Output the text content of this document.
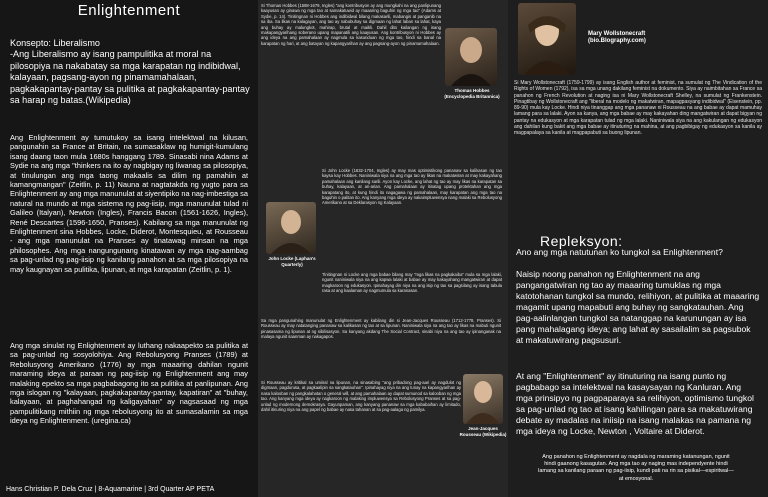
Enlightenment
Konsepto: Liberalismo
-Ang Liberalismo ay isang pampulitika at moral na pilosopiya na nakabatay sa mga karapatan ng indibidwal, kalayaan, pagsang-ayon ng pinamamahalaan, pagkakapantay-pantay sa pulitika at pagkakapantay-pantay sa harap ng batas.(Wikipedia)
Ang Enlightenment ay tumutukoy sa isang intelektwal na kilusan, pangunahin sa France at Britain, na sumasaklaw ng humigit-kumulang isang daang taon mula 1680s hanggang 1789. Sinasabi nina Adams at Sydie na ang mga "thinkers na ito ay nagbigay ng liwanag sa pilosopiya, at tinulungan ang mga taong makaalis sa dilim ng pamahiin at kamangmangan" (Zeitlin, p. 11) Nauna at nagtatakda ng yugto para sa Enlightenment ay ang mga manunulat at siyentipiko na nag-imbestiga sa natural na mundo at mga sistema ng pag-iisip, mga manunulat tulad ni Galileo (Italyan), Newton (Ingles), Francis Bacon (1561-1626, Ingles), René Descartes (1596-1650, Pranses). Kabilang sa mga manunulat ng Enlightenment sina Hobbes, Locke, Diderot, Montesquieu, at Rousseau - ang mga manunulat na Pranses ay tinatawag minsan na mga philosophes. Ang mga nangungunang kinatawan ay mga nag-aambag sa pag-unlad ng pag-iisip ng kanilang panahon at sa mga pilosopiya na may kaugnayan sa pulitika, lipunan, at mga karapatan (Zeitlin, p. 1).
Ang mga sinulat ng Enlightenment ay luthang nakaapekto sa pulitika at sa pag-unlad ng sosyolohiya. Ang Rebolusyong Pranses (1789) at Rebolusyong Amerikano (1776) ay mga maaaring dahilan ngunit maraming ideya at paraan ng pag-iisip ng Enlightenment ang may malaking epekto sa mga pagbabagong ito sa pulitika at panlipunan. Ang mga islogan ng "kalayaan, pagkakapantay-pantay, kapatiran" at "buhay, kalayaan, at paghahangad ng kaligayahan" ay nagsasaad ng mga pampulitikang mithiin ng mga rebolusyong ito at sumasalamin sa mga ideya ng Enlightenment. (uregina.ca)
Hans Christian P. Dela Cruz | 8-Aquamarine | 3rd Quarter AP PETA
Si Thomas Hobbes (1588-1679, Ingles) "ang kontribusyon ay ang mungkahi na ang panlipunang kaayusan ay ginawa ng mga tao at samakatuwid ay maaaring baguhin ng mga tao" (Adams at Sydie, p. 14). Tinitingnan ni Hobbes ang indibidwal bilang makasarili, mabangis at panganib na sa iba. Sa likas na kalagayan, ang tao ay nabubuhay sa digmaan ng lahat laban sa lahat, kaya ang buhay ay malungkot, mahirap, brutal at maikli. Dahil dito kailangan ng isang makapangyarihang soberano upang mapanatili ang kaayusan. Ang kontribusyon ni Hobbes ay ang ideya na ang pamahalaan ay nagmula sa kasunduan ng mga tao, hindi sa banal na karapatan ng hari, at ang batayan ng kapangyarihan ay ang pagsang-ayon ng pinamamahalaan.
Thomas Hobbes (Encyclopedia Britannica)
John Locke (Laphan's Quarterly)
Si John Locke (1632-1704, Ingles) ay may mas optimistikong pananaw sa kalikasan ng tao kaysa kay Hobbes. Naniniwala siya na ang mga tao ay likas na makatwiran at may kakayahang pamahalaan ang kanilang sarili. Ayon kay Locke, ang lahat ng tao ay may likas na karapatan sa buhay, kalayaan, at ari-arian. Ang pamahalaan ay itinatag upang protektahan ang mga karapatang ito, at kung hindi ito nagagawa ng pamahalaan, may karapatan ang mga tao na baguhin o palitan ito. Ang kanyang mga ideya ay nakaimpluwensya nang malaki sa Rebolusyong Amerikano at sa Deklarasyon ng Kalayaan.
Tinitingnan ni Locke ang mga babae bilang may "mga likas na pagkakaiba" mula sa mga lalaki, ngunit naniniwala siya na ang kapwa lalaki at babae ay may kakayahang mangatwiran at dapat magkaroon ng edukasyon. Ipinahayag din niya na ang isip ng tao sa pagsilang ay isang tabula rasa at ang kaalaman ay nagmumula sa karanasan.
Sa mga pangunahing manunulat ng Enlightenment ay kabilang din si Jean-Jacques Rousseau (1712-1778, Pranses). Si Rousseau ay may natatanging pananaw sa kalikasan ng tao at sa lipunan. Naniniwala siya na ang tao ay likas na mabuti ngunit pinasasama ng lipunan at ng sibilisasyon. Sa kanyang akdang The Social Contract, sinabi niya na ang tao ay ipinanganak na malaya ngunit saanman ay nakagapos.
Si Rousseau ay kritikal sa umiiral na lipunan, na sinasabing "ang pribadong pag-aari ay nagdulot ng digmaan, pagdurusa, at pagkaalipin sa sangkatauhan". Ipinahayag niya na ang tunay na kapangyarihan ay nasa kalooban ng pangkalahatan o general will, at ang pamahalaan ay dapat sumunod sa kalooban ng mga tao. Ang kanyang mga ideya ay nagkaroon ng malaking impluwensya sa Rebolusyong Pranses at sa pag-unlad ng modernong demokrasya. Gayunpaman, ang kanyang pananaw sa mga kababaihan ay limitado, dahil itinuring niya na ang papel ng babae ay nasa tahanan at sa pag-aalaga ng pamilya.
Jean-Jacques Rousseau (Wikipedia)
Mary Wollstonecraft (bio.Blography.com)
Si Mary Wollstonecraft (1759-1799) ay isang English author at feminist, na sumulat ng The Vindication of the Rights of Women (1792), isa sa mga unang dakilang feminist na dokumento. Siya ay naimbitahan sa France sa panahon ng French Revolution at naging isa ni Mary Wollstonecraft Shelley, na sumulat ng Frankenstein. Pinagtibay ng Wollstonecraft ang "liberal na modelo ng makatwiran, mapagpasyang indibidwal" (Eisenstein, pp. 89-90) mula kay Locke. Hindi niya tinanggap ang mga pananaw ni Rousseau na ang babae ay dapat mamuhay lamang para sa lalaki. Ayon sa kanya, ang mga babae ay may kakayahan ding mangatwiran at dapat bigyan ng pantay na edukasyon at mga karapatan tulad ng mga lalaki. Naniniwala siya na ang kakulangan ng edukasyon ang dahilan kung bakit ang mga babae ay itinuturing na mahina, at ang pagbibigay ng edukasyon sa kanila ay magpapalaya sa kanila at magpapabuti sa buong lipunan.
Repleksyon:
Ano ang mga natutunan ko tungkol sa Enlightenment?
Naisip noong panahon ng Enlightenment na ang pangangatwiran ng tao ay maaaring tumuklas ng mga katotohanan tungkol sa mundo, relihiyon, at pulitika at maaaring magamit upang mapabuti ang buhay ng sangkatauhan. Ang pag-aalinlangan tungkol sa natanggap na karunungan ay isa pang mahalagang ideya; ang lahat ay sasailalim sa pagsubok at makatuwirang pagsusuri.
At ang "Enlightenment" ay itinuturing na isang punto ng pagbabago sa intelektwal na kasaysayan ng Kanluran. Ang mga prinsipyo ng pagpaparaya sa relihiyon, optimismo tungkol sa pag-unlad ng tao at isang kahilingan para sa makatuwirang debate ay madalas na iniisip na isang malakas na pamana ng mga ideya ng Locke, Newton , Voltaire at Diderot.
Ang panahon ng Enlightenment ay nagdala ng maraming katanungan, ngunit hindi gaanong kasagutan. Ang mga tao ay naging mas independyente hindi lamang sa kanilang paraan ng pag-iisip, kundi pati na rin sa pisikal—espiritwal—at emosyonal.
